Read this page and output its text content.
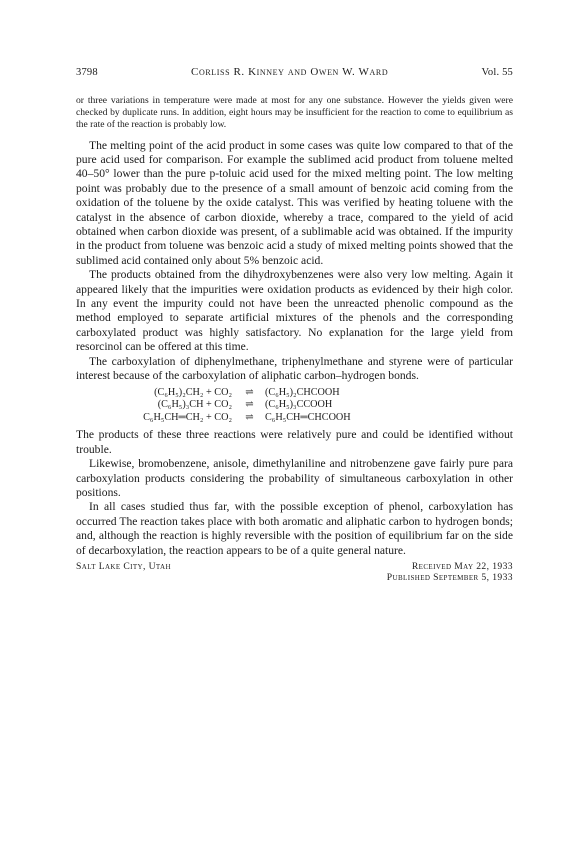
3798	Corliss R. Kinney and Owen W. Ward	Vol. 55

or three variations in temperature were made at most for any one substance. However the yields given were checked by duplicate runs. In addition, eight hours may be insufficient for the reaction to come to equilibrium as the rate of the reaction is probably low.

The melting point of the acid product in some cases was quite low compared to that of the pure acid used for comparison. For example the sublimed acid product from toluene melted 40–50° lower than the pure p-toluic acid used for the mixed melting point. The low melting point was probably due to the presence of a small amount of benzoic acid coming from the oxidation of the toluene by the oxide catalyst. This was verified by heating toluene with the catalyst in the absence of carbon dioxide, whereby a trace, compared to the yield of acid obtained when carbon dioxide was present, of a sublimable acid was obtained. If the impurity in the product from toluene was benzoic acid a study of mixed melting points showed that the sublimed acid contained only about 5% benzoic acid.

The products obtained from the dihydroxybenzenes were also very low melting. Again it appeared likely that the impurities were oxidation products as evidenced by their high color. In any event the impurity could not have been the unreacted phenolic compound as the method employed to separate artificial mixtures of the phenols and the corresponding carboxylated product was highly satisfactory. No explanation for the large yield from resorcinol can be offered at this time.

The carboxylation of diphenylmethane, triphenylmethane and styrene were of particular interest because of the carboxylation of aliphatic carbon–hydrogen bonds.

(C₆H₅)₂CH₂ + CO₂	⇌	(C₆H₅)₂CHCOOH
(C₆H₅)₃CH + CO₂	⇌	(C₆H₅)₃CCOOH
C₆H₅CH═CH₂ + CO₂	⇌	C₆H₅CH═CHCOOH

The products of these three reactions were relatively pure and could be identified without trouble.

Likewise, bromobenzene, anisole, dimethylaniline and nitrobenzene gave fairly pure para carboxylation products considering the probability of simultaneous carboxylation in other positions.

In all cases studied thus far, with the possible exception of phenol, carboxylation has occurred The reaction takes place with both aromatic and aliphatic carbon to hydrogen bonds; and, although the reaction is highly reversible with the position of equilibrium far on the side of decarboxylation, the reaction appears to be of a quite general nature.

Salt Lake City, Utah	Received May 22, 1933
Published September 5, 1933
